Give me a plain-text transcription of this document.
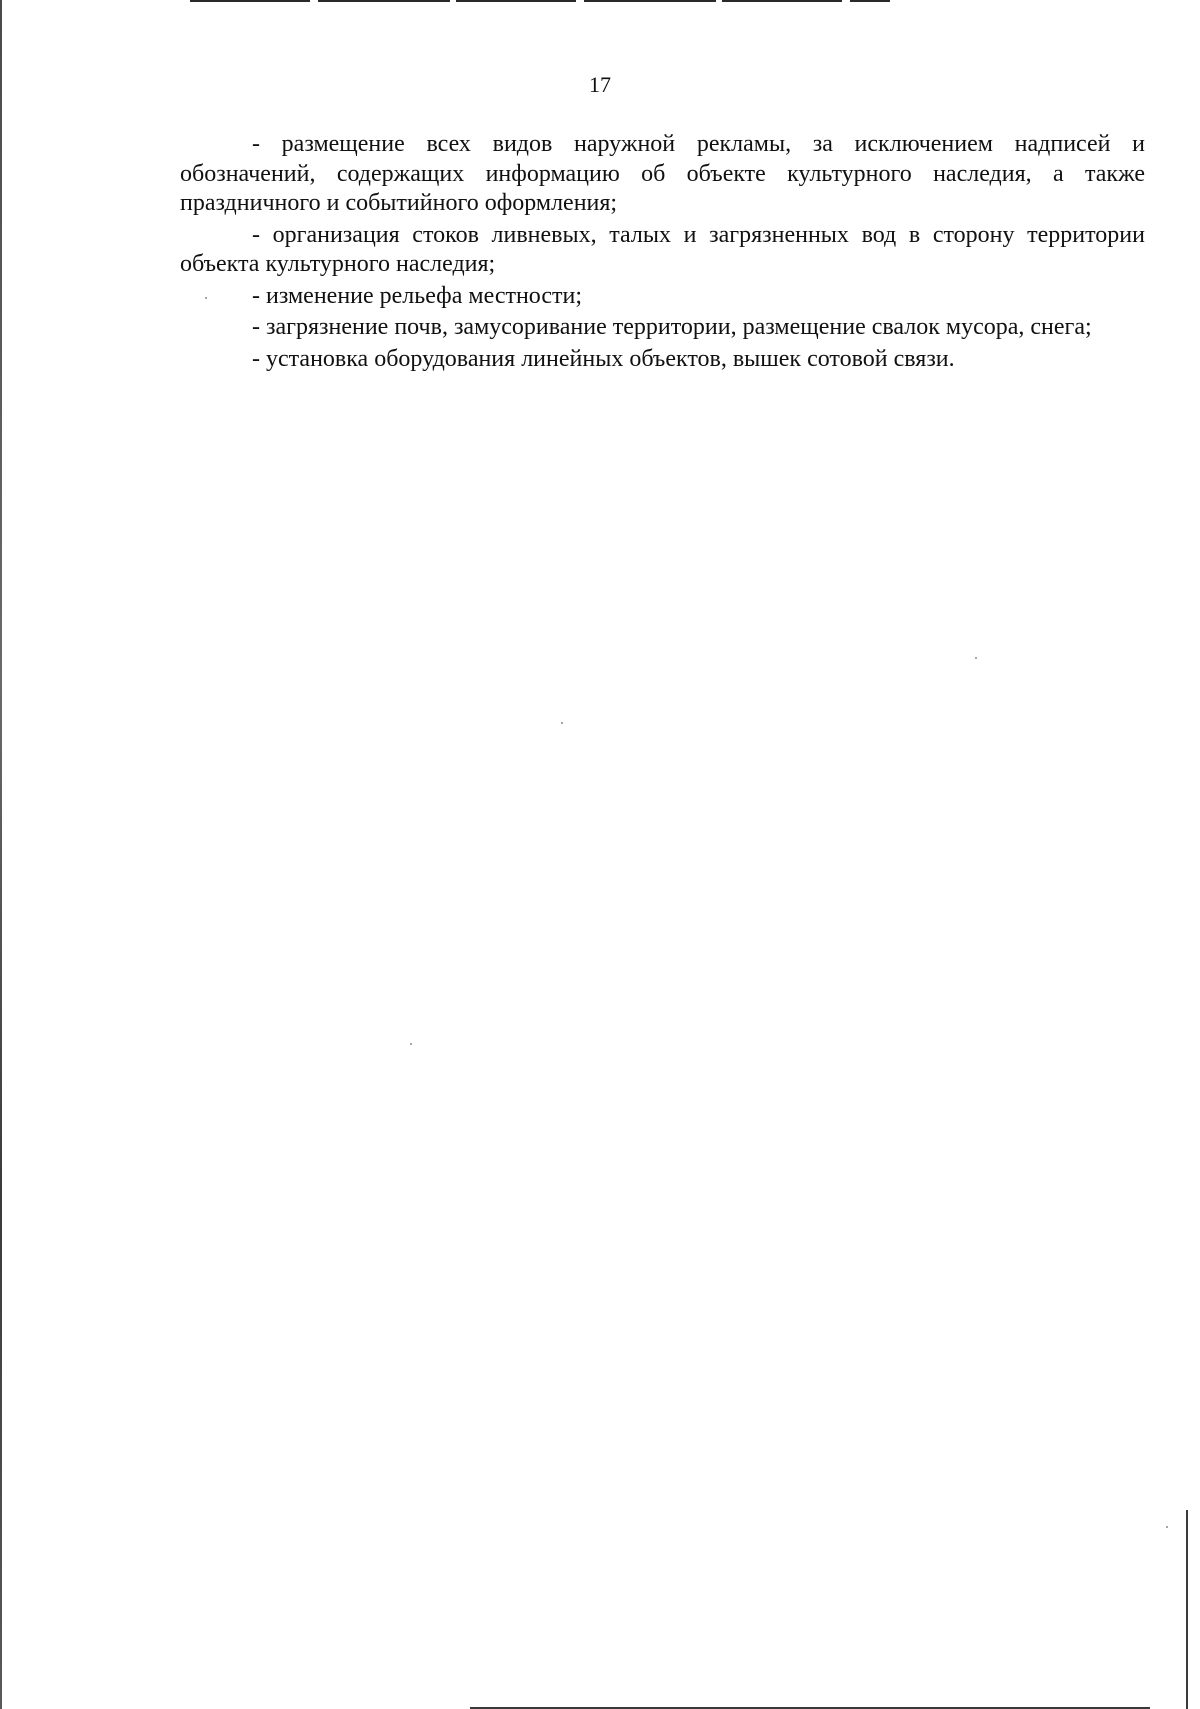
17

- размещение всех видов наружной рекламы, за исключением надписей и обозначений, содержащих информацию об объекте культурного наследия, а также праздничного и событийного оформления;

- организация стоков ливневых, талых и загрязненных вод в сторону территории объекта культурного наследия;

- изменение рельефа местности;

- загрязнение почв, замусоривание территории, размещение свалок мусора, снега;

- установка оборудования линейных объектов, вышек сотовой связи.
